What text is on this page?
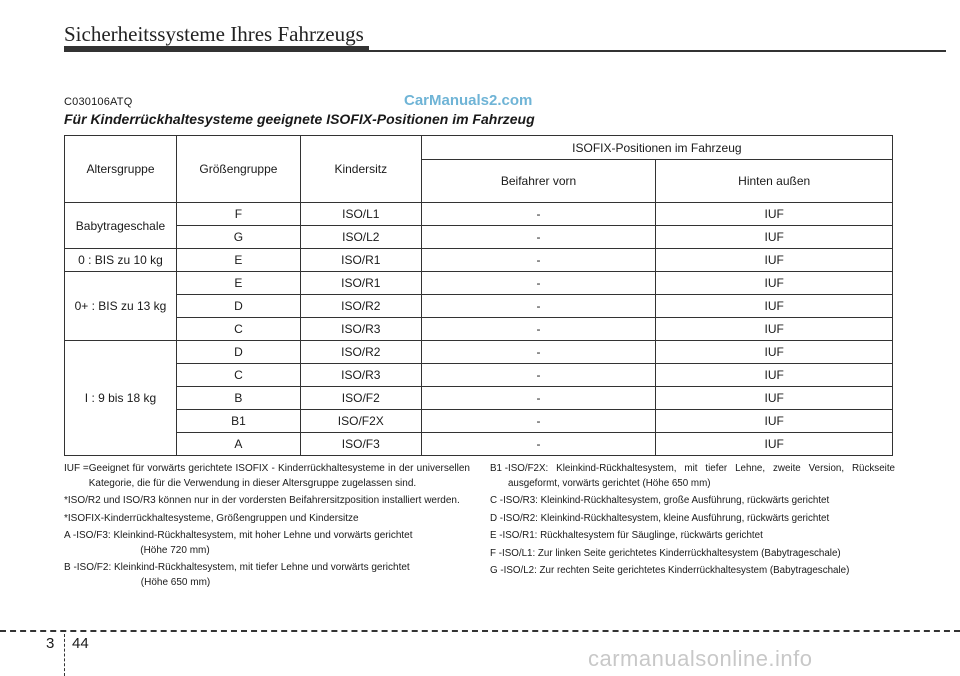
Sicherheitssysteme Ihres Fahrzeugs
C030106ATQ	CarManuals2.com
Für Kinderrückhaltesysteme geeignete ISOFIX-Positionen im Fahrzeug
Altersgruppe	Größengruppe	Kindersitz	ISOFIX-Positionen im Fahrzeug	
			Beifahrer vorn	Hinten außen
Babytrageschale	F	ISO/L1	-	IUF
	G	ISO/L2	-	IUF
0 : BIS zu 10 kg	E	ISO/R1	-	IUF
0+ : BIS zu 13 kg	E	ISO/R1	-	IUF
	D	ISO/R2	-	IUF
	C	ISO/R3	-	IUF
I : 9 bis 18 kg	D	ISO/R2	-	IUF
	C	ISO/R3	-	IUF
	B	ISO/F2	-	IUF
	B1	ISO/F2X	-	IUF
	A	ISO/F3	-	IUF
IUF = Geeignet für vorwärts gerichtete ISOFIX - Kinderrückhaltesysteme in der universellen Kategorie, die für die Verwendung in dieser Altersgruppe zugelassen sind.
* ISO/R2 und ISO/R3 können nur in der vordersten Beifahrersitzposition installiert werden.
* ISOFIX-Kinderrückhaltesysteme, Größengruppen und Kindersitze
A - ISO/F3: Kleinkind-Rückhaltesystem, mit hoher Lehne und vorwärts gerichtet
(Höhe 720 mm)
B - ISO/F2: Kleinkind-Rückhaltesystem, mit tiefer Lehne und vorwärts gerichtet
(Höhe 650 mm)
B1 - ISO/F2X: Kleinkind-Rückhaltesystem, mit tiefer Lehne, zweite Version, Rückseite ausgeformt, vorwärts gerichtet (Höhe 650 mm)
C - ISO/R3: Kleinkind-Rückhaltesystem, große Ausführung, rückwärts gerichtet
D - ISO/R2: Kleinkind-Rückhaltesystem, kleine Ausführung, rückwärts gerichtet
E - ISO/R1: Rückhaltesystem für Säuglinge, rückwärts gerichtet
F - ISO/L1: Zur linken Seite gerichtetes Kinderrückhaltesystem (Babytrageschale)
G - ISO/L2: Zur rechten Seite gerichtetes Kinderrückhaltesystem (Babytrageschale)
3 44
carmanualsonline.info
